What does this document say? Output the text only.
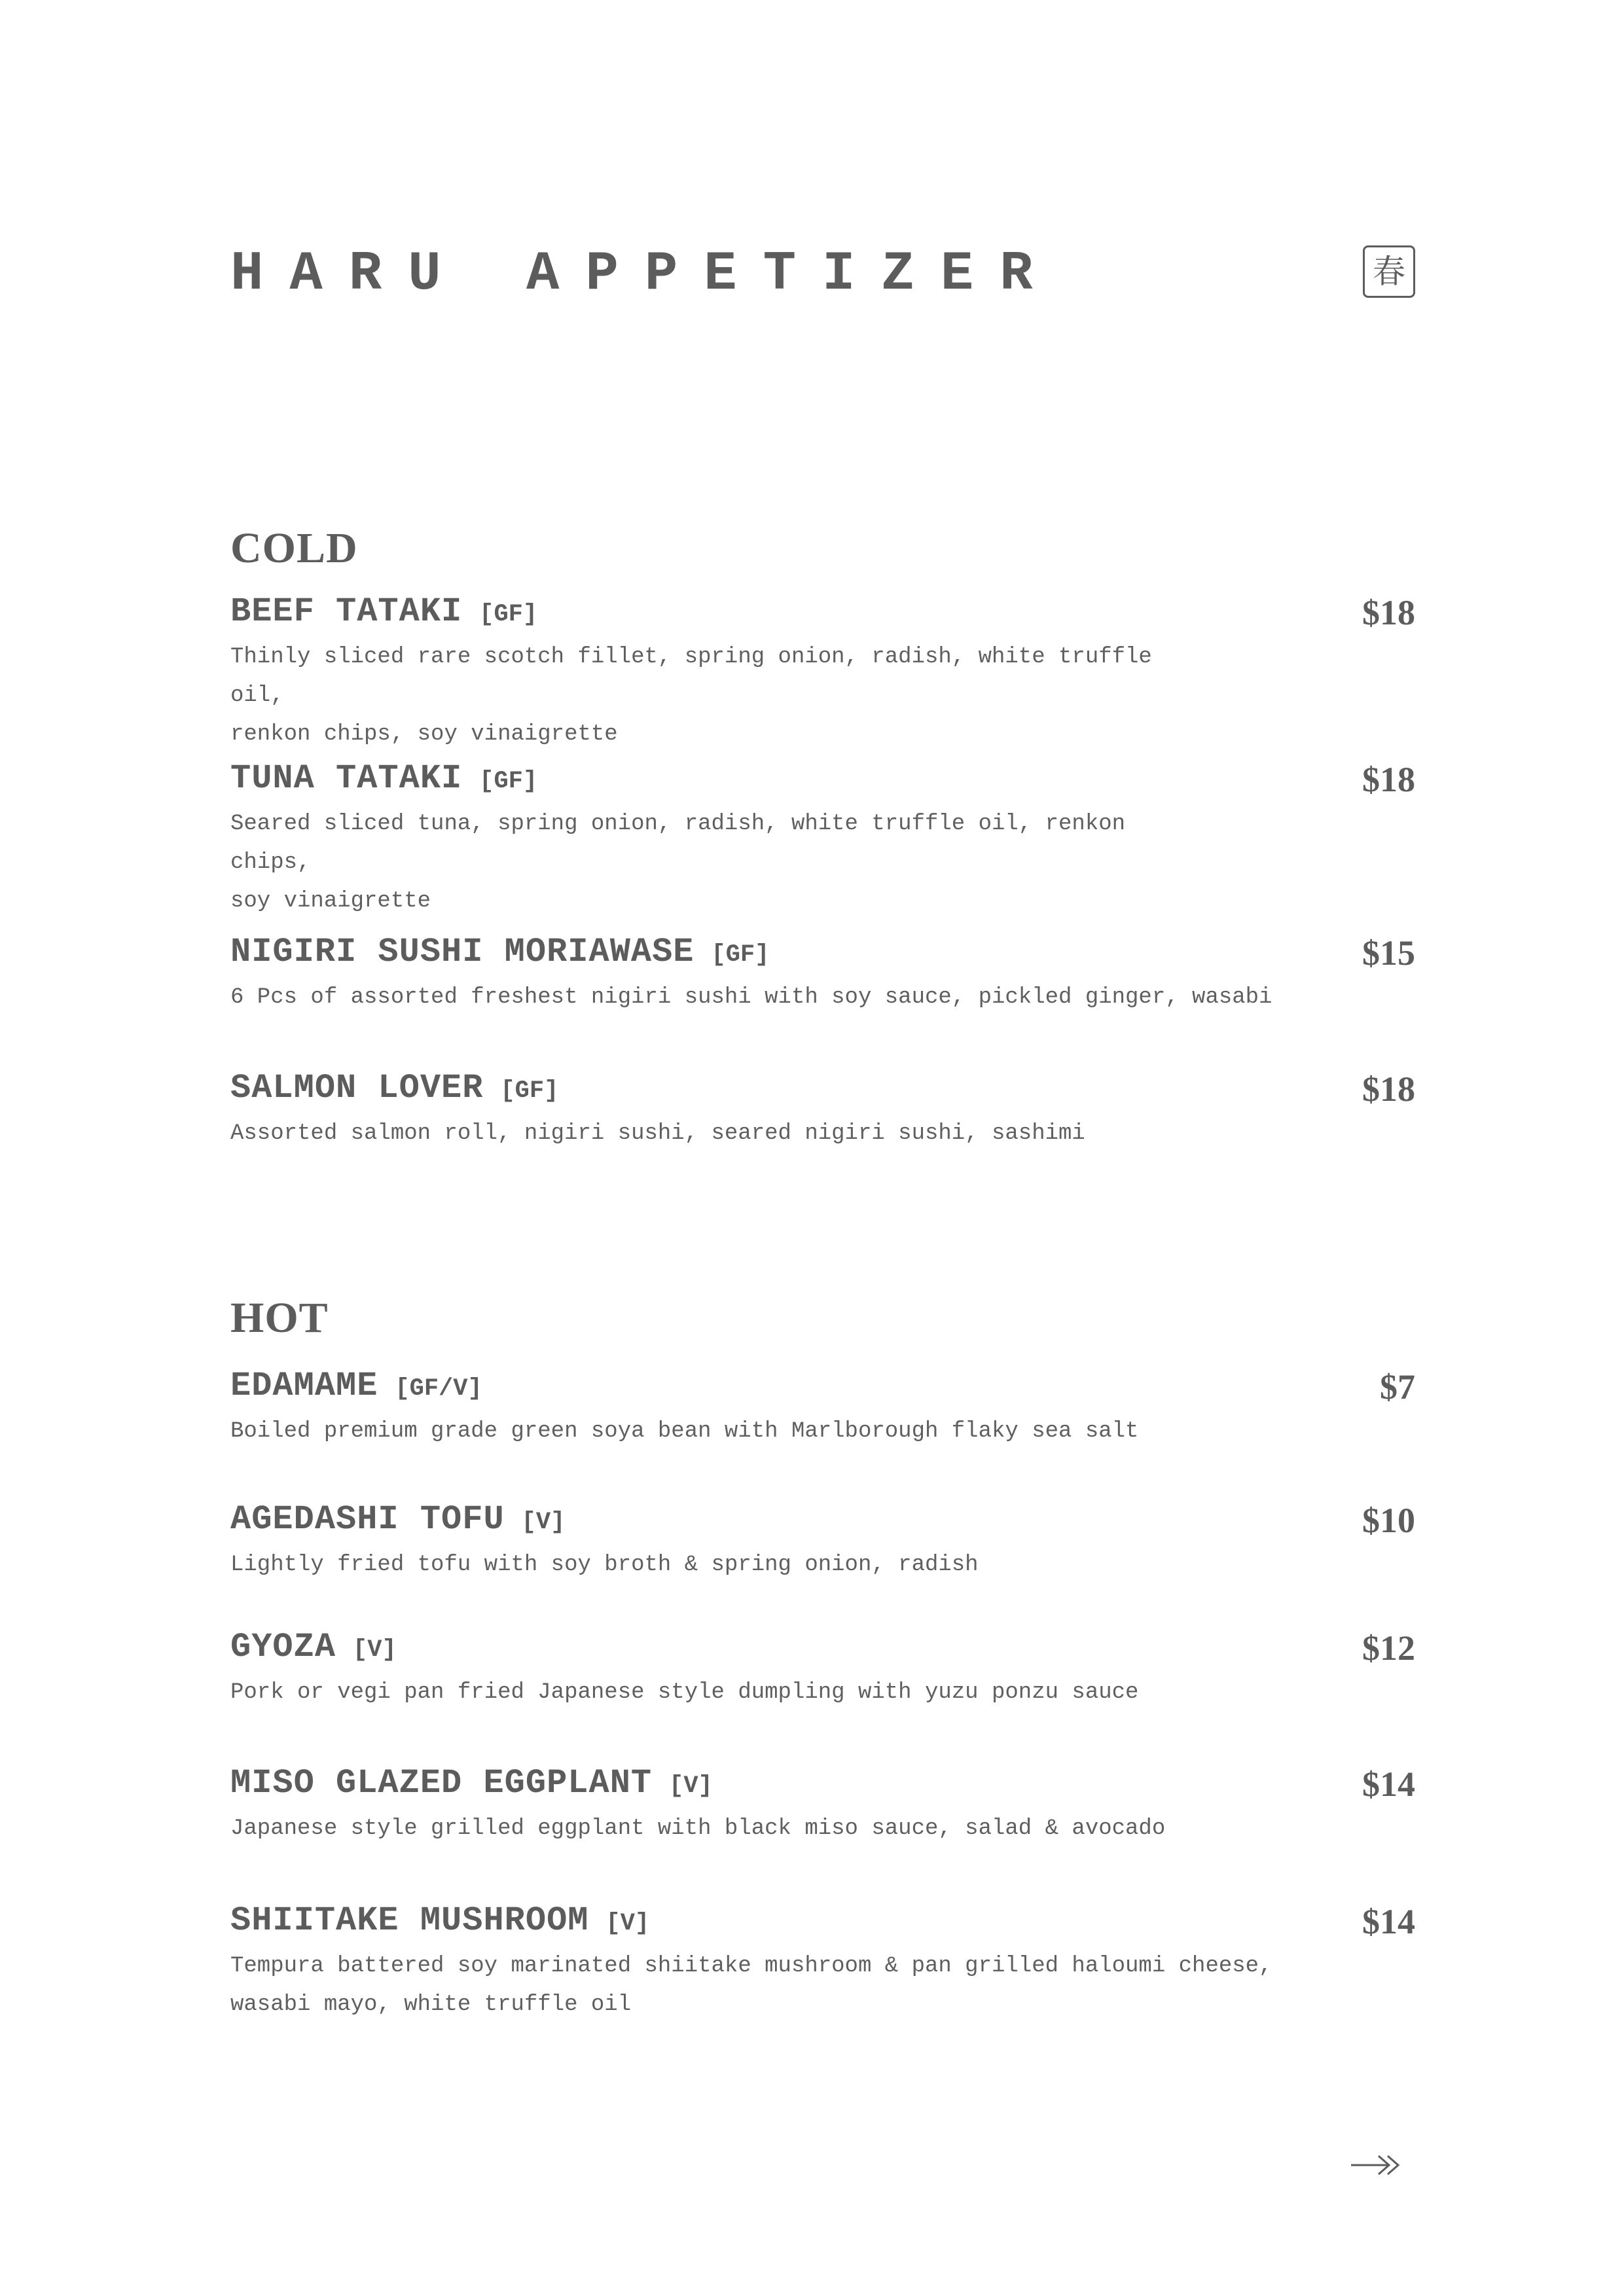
HARU APPETIZER	春
COLD
BEEF TATAKI [GF]	$18
Thinly sliced rare scotch fillet, spring onion, radish, white truffle oil,
renkon chips, soy vinaigrette
TUNA TATAKI [GF]	$18
Seared sliced tuna, spring onion, radish, white truffle oil, renkon chips,
soy vinaigrette
NIGIRI SUSHI MORIAWASE [GF]	$15
6 Pcs of assorted freshest nigiri sushi with soy sauce, pickled ginger, wasabi
SALMON LOVER [GF]	$18
Assorted salmon roll, nigiri sushi, seared nigiri sushi, sashimi
HOT
EDAMAME [GF/V]	$7
Boiled premium grade green soya bean with Marlborough flaky sea salt
AGEDASHI TOFU [V]	$10
Lightly fried tofu with soy broth & spring onion, radish
GYOZA [V]	$12
Pork or vegi pan fried Japanese style dumpling with yuzu ponzu sauce
MISO GLAZED EGGPLANT [V]	$14
Japanese style grilled eggplant with black miso sauce, salad & avocado
SHIITAKE MUSHROOM [V]	$14
Tempura battered soy marinated shiitake mushroom & pan grilled haloumi cheese,
wasabi mayo, white truffle oil
